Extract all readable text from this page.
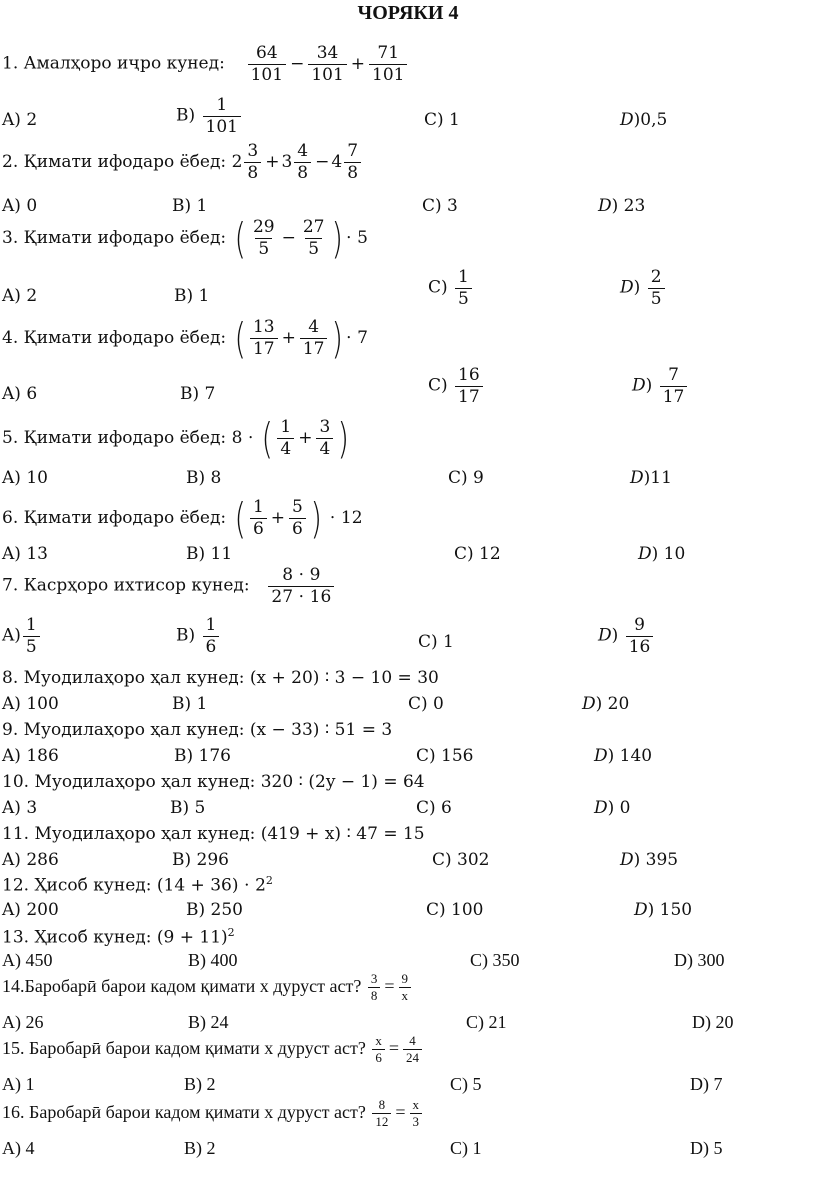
ЧОРЯКИ 4
1. Амалҳоро иҷро кунед: $\frac{64}{101} - \frac{34}{101} + \frac{71}{101}$
A) 2	$B) \frac{1}{101}$	C) 1	D)0,5
2. Қимати ифодаро ёбед: $2 \frac{3}{8} + 3 \frac{4}{8} - 4 \frac{7}{8}$
A) 0	B) 1	C) 3	D) 23
3. Қимати ифодаро ёбед: ( $\frac{29}{5} - \frac{27}{5}$ ) ⋅ 5
A) 2	B) 1	$C) \frac{1}{5}$	$D) \frac{2}{5}$
4. Қимати ифодаро ёбед: ( $\frac{13}{17} + \frac{4}{17}$ ) ⋅ 7
A) 6	B) 7	$C) \frac{16}{17}$	$D) \frac{7}{17}$
5. Қимати ифодаро ёбед: 8 ⋅ ( $\frac{1}{4} + \frac{3}{4}$ )
A) 10	B) 8	C) 9	D)11
6. Қимати ифодаро ёбед: ( $\frac{1}{6} + \frac{5}{6}$ ) ⋅ 12
A) 13	B) 11	C) 12	D) 10
7. Касрҳоро ихтисор кунед: $\frac{8 \cdot 9}{27 \cdot 16}$
$A) \frac{1}{5}$	$B) \frac{1}{6}$	C) 1	$D) \frac{9}{16}$
8. Муодилаҳоро ҳал кунед: (x + 20) ∶ 3 − 10 = 30
A) 100	B) 1	C) 0	D) 20
9. Муодилаҳоро ҳал кунед: (x − 33) ∶ 51 = 3
A) 186	B) 176	C) 156	D) 140
10. Муодилаҳоро ҳал кунед: 320 ∶ (2y − 1) = 64
A) 3	B) 5	C) 6	D) 0
11. Муодилаҳоро ҳал кунед: (419 + x) ∶ 47 = 15
A) 286	B) 296	C) 302	D) 395
12. Ҳисоб кунед: $(14 + 36) \cdot 2^2$
A) 200	B) 250	C) 100	D) 150
13. Ҳисоб кунед: $(9 + 11)^2$
A) 450	B) 400	C) 350	D) 300
14.Баробарӣ барои кадом қимати x дуруст аст? $\frac{3}{8} = \frac{9}{x}$
A) 26	B) 24	C) 21	D) 20
15. Баробарӣ барои кадом қимати x дуруст аст? $\frac{x}{6} = \frac{4}{24}$
A) 1	B) 2	C) 5	D) 7
16. Баробарӣ барои кадом қимати x дуруст аст? $\frac{8}{12} = \frac{x}{3}$
A) 4	B) 2	C) 1	D) 5
